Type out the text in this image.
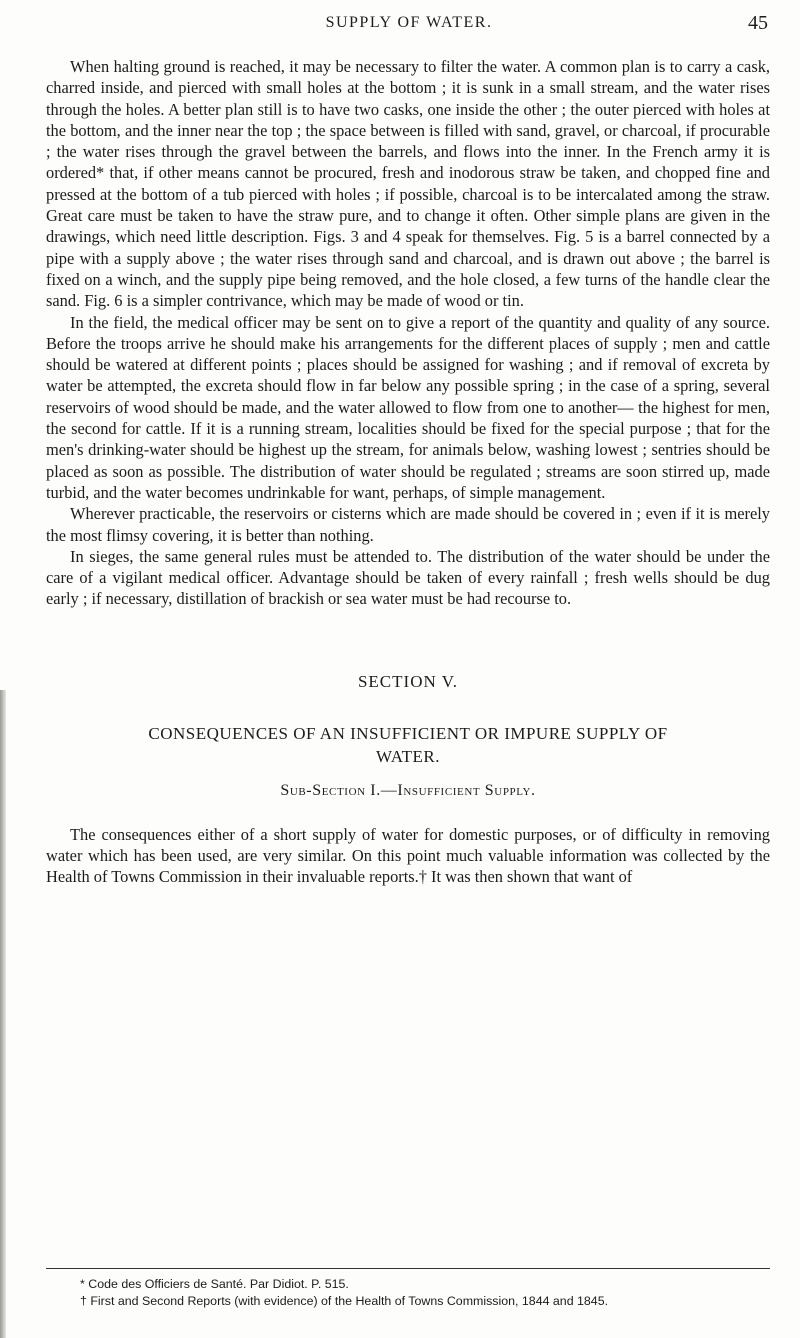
SUPPLY OF WATER.	45

When halting ground is reached, it may be necessary to filter the water. A common plan is to carry a cask, charred inside, and pierced with small holes at the bottom ; it is sunk in a small stream, and the water rises through the holes. A better plan still is to have two casks, one inside the other ; the outer pierced with holes at the bottom, and the inner near the top ; the space between is filled with sand, gravel, or charcoal, if procurable ; the water rises through the gravel between the barrels, and flows into the inner. In the French army it is ordered* that, if other means cannot be procured, fresh and inodorous straw be taken, and chopped fine and pressed at the bottom of a tub pierced with holes ; if possible, charcoal is to be intercalated among the straw. Great care must be taken to have the straw pure, and to change it often. Other simple plans are given in the drawings, which need little description. Figs. 3 and 4 speak for themselves. Fig. 5 is a barrel connected by a pipe with a supply above ; the water rises through sand and charcoal, and is drawn out above ; the barrel is fixed on a winch, and the supply pipe being removed, and the hole closed, a few turns of the handle clear the sand. Fig. 6 is a simpler contrivance, which may be made of wood or tin.

In the field, the medical officer may be sent on to give a report of the quantity and quality of any source. Before the troops arrive he should make his arrangements for the different places of supply ; men and cattle should be watered at different points ; places should be assigned for washing ; and if removal of excreta by water be attempted, the excreta should flow in far below any possible spring ; in the case of a spring, several reservoirs of wood should be made, and the water allowed to flow from one to another— the highest for men, the second for cattle. If it is a running stream, localities should be fixed for the special purpose ; that for the men's drinking-water should be highest up the stream, for animals below, washing lowest ; sentries should be placed as soon as possible. The distribution of water should be regulated ; streams are soon stirred up, made turbid, and the water becomes undrinkable for want, perhaps, of simple management.

Wherever practicable, the reservoirs or cisterns which are made should be covered in ; even if it is merely the most flimsy covering, it is better than nothing.

In sieges, the same general rules must be attended to. The distribution of the water should be under the care of a vigilant medical officer. Advantage should be taken of every rainfall ; fresh wells should be dug early ; if necessary, distillation of brackish or sea water must be had recourse to.

SECTION V.
CONSEQUENCES OF AN INSUFFICIENT OR IMPURE SUPPLY OF WATER.
Sub-Section I.—Insufficient Supply.

The consequences either of a short supply of water for domestic purposes, or of difficulty in removing water which has been used, are very similar. On this point much valuable information was collected by the Health of Towns Commission in their invaluable reports.† It was then shown that want of

* Code des Officiers de Santé. Par Didiot. P. 515.

† First and Second Reports (with evidence) of the Health of Towns Commission, 1844 and 1845.
